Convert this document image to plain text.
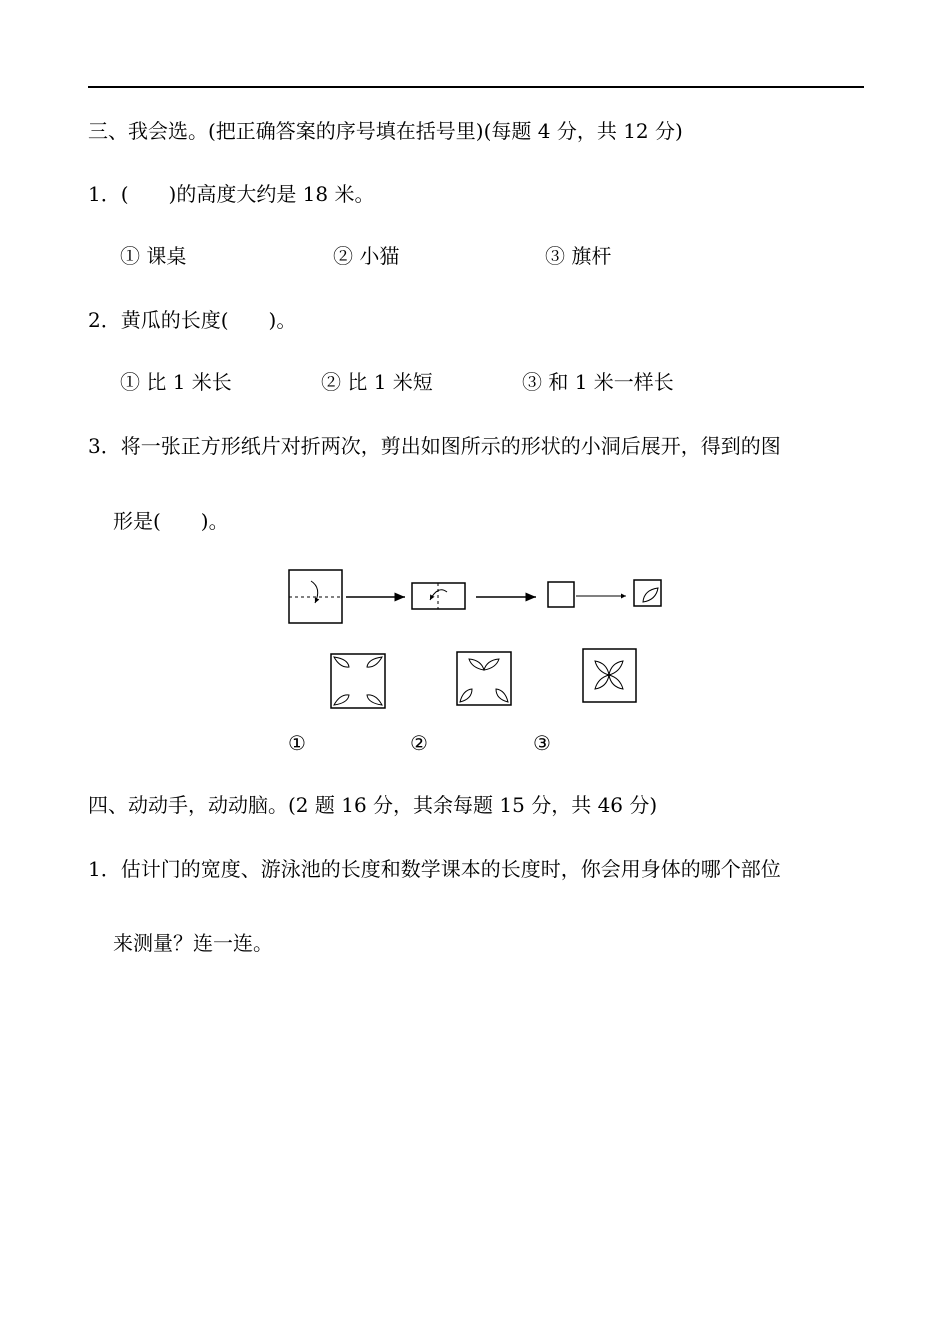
三、我会选。(把正确答案的序号填在括号里)(每题 4 分，共 12 分)
1．(　　)的高度大约是 18 米。
① 课桌	② 小猫	③ 旗杆
2．黄瓜的长度(　　)。
① 比 1 米长	② 比 1 米短	③ 和 1 米一样长
3．将一张正方形纸片对折两次，剪出如图所示的形状的小洞后展开，得到的图
形是(　　)。
①	②	③
四、动动手，动动脑。(2 题 16 分，其余每题 15 分，共 46 分)
1．估计门的宽度、游泳池的长度和数学课本的长度时，你会用身体的哪个部位
来测量？连一连。
